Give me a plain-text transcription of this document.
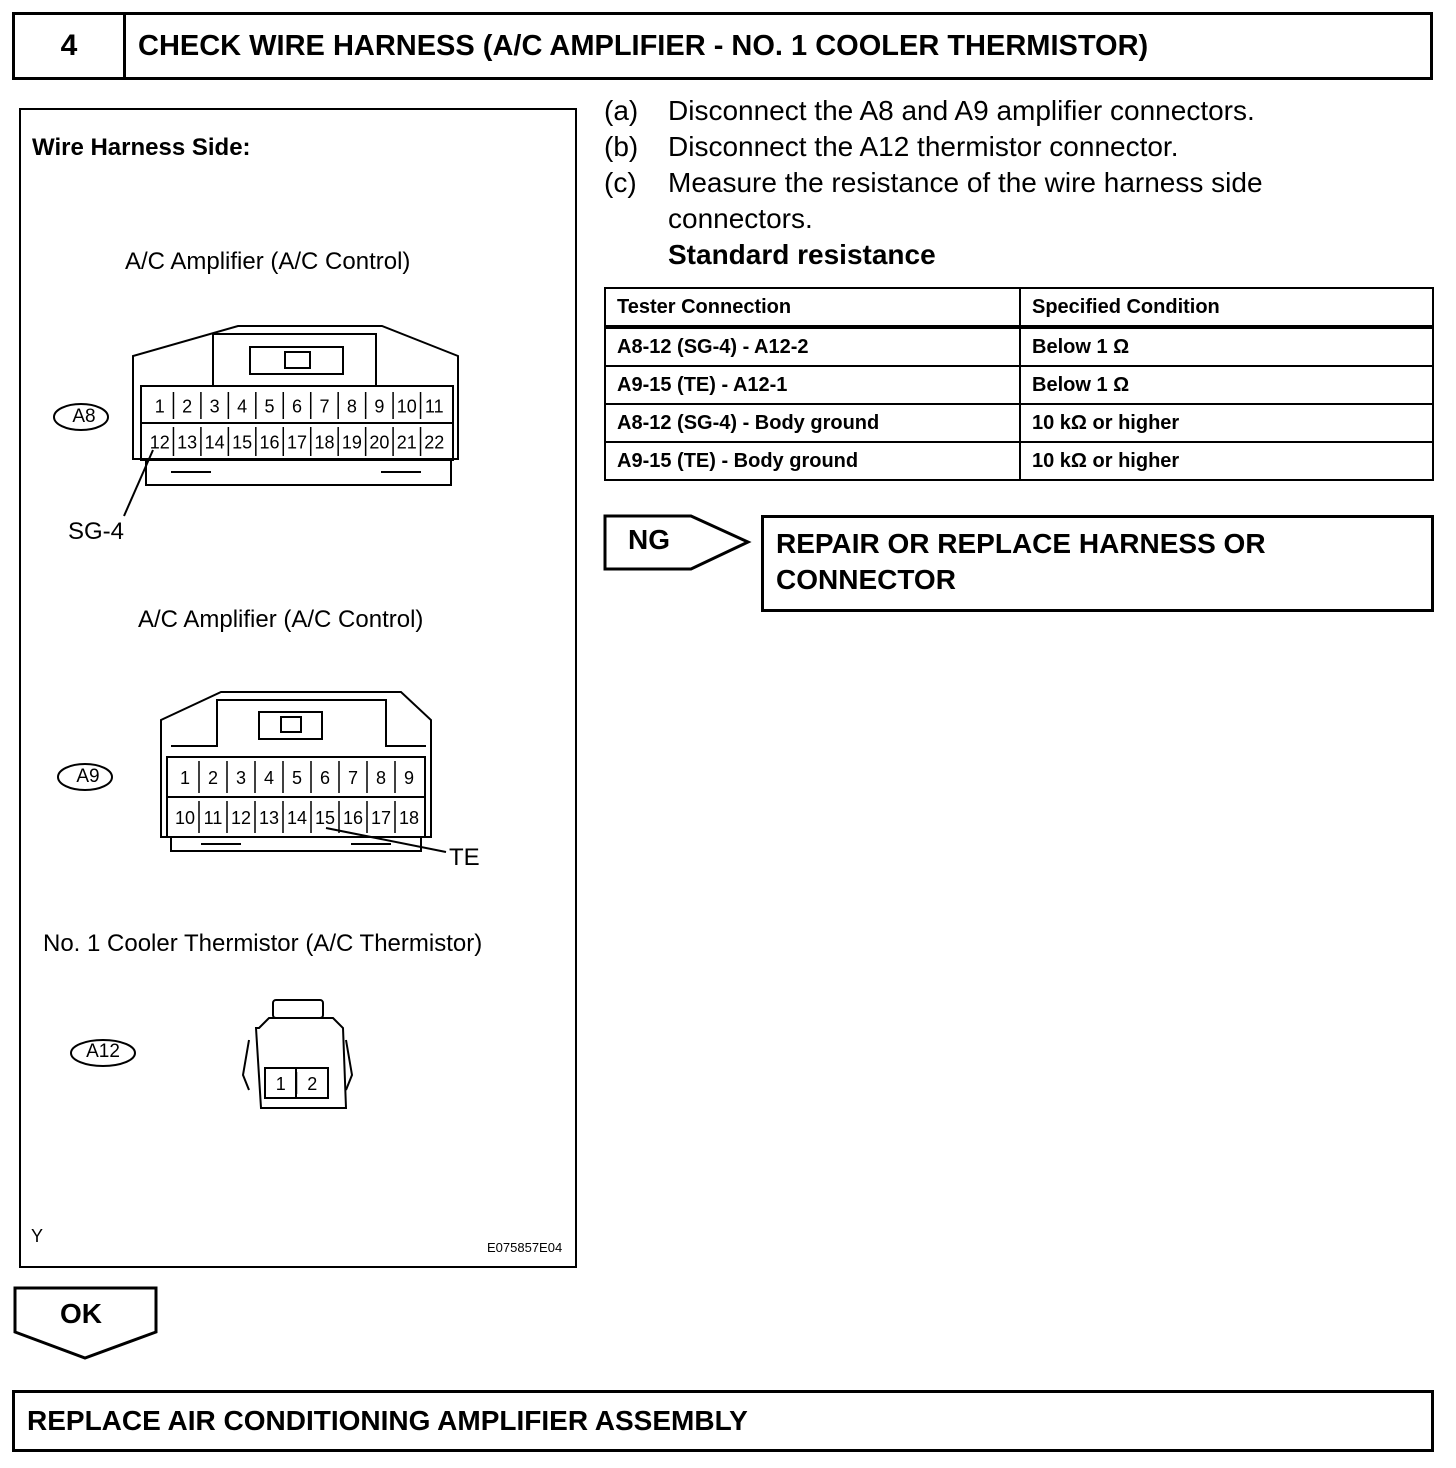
4	CHECK WIRE HARNESS (A/C AMPLIFIER - NO. 1 COOLER THERMISTOR)
Wire Harness Side:
A/C Amplifier (A/C Control)
A/C Amplifier (A/C Control)
No. 1 Cooler Thermistor (A/C Thermistor)
Y
E075857E04
1 2 3 4 5 6 7 8 9 10 11
12 13 14 15 16 17 18 19 20 21 22
1 2 3 4 5 6 7 8 9
10 11 12 13 14 15 16 17 18
1 2
A8
SG-4
A9
TE
A12
(a)	Disconnect the A8 and A9 amplifier connectors.
(b)	Disconnect the A12 thermistor connector.
(c)	Measure the resistance of the wire harness side connectors.
Standard resistance
Tester Connection	Specified Condition
A8-12 (SG-4) - A12-2	Below 1 Ω
A9-15 (TE) - A12-1	Below 1 Ω
A8-12 (SG-4) - Body ground	10 kΩ or higher
A9-15 (TE) - Body ground	10 kΩ or higher
NG	REPAIR OR REPLACE HARNESS OR CONNECTOR
OK
REPLACE AIR CONDITIONING AMPLIFIER ASSEMBLY
